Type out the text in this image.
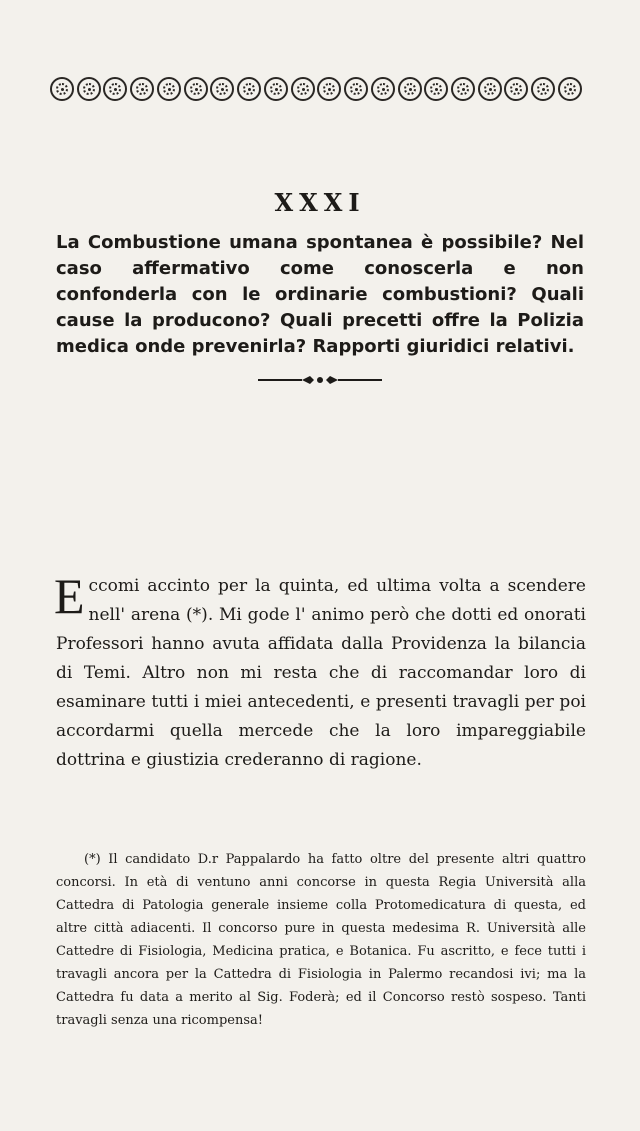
XXXI
La Combustione umana spontanea è possibile? Nel caso affermativo come conoscerla e non confonderla con le ordinarie combustioni? Quali cause la producono? Quali precetti offre la Polizia medica onde prevenirla? Rapporti giuridici relativi.

Eccomi accinto per la quinta, ed ultima volta a scendere nell' arena (*). Mi gode l' animo però che dotti ed onorati Professori hanno avuta affidata dalla Providenza la bilancia di Temi. Altro non mi resta che di raccomandar loro di esaminare tutti i miei antecedenti, e presenti travagli per poi accordarmi quella mercede che la loro impareggiabile dottrina e giustizia crederanno di ragione.

(*) Il candidato D.r Pappalardo ha fatto oltre del presente altri quattro concorsi. In età di ventuno anni concorse in questa Regia Università alla Cattedra di Patologia generale insieme colla Protomedicatura di questa, ed altre città adiacenti. Il concorso pure in questa medesima R. Università alle Cattedre di Fisiologia, Medicina pratica, e Botanica. Fu ascritto, e fece tutti i travagli ancora per la Cattedra di Fisiologia in Palermo recandosi ivi; ma la Cattedra fu data a merito al Sig. Foderà; ed il Concorso restò sospeso. Tanti travagli senza una ricompensa!
